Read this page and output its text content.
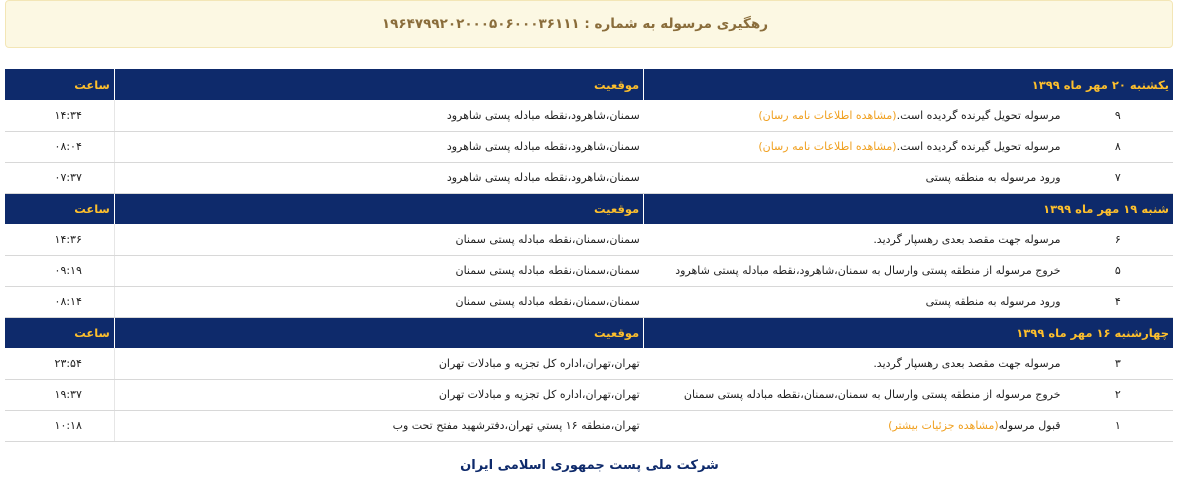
رهگیری مرسوله به شماره : ۱۹۶۴۷۹۹۲۰۲۰۰۰۵۰۶۰۰۰۳۶۱۱۱
یکشنبه ۲۰ مهر ماه ۱۳۹۹		موقعیت	ساعت
۹	مرسوله تحویل گیرنده گردیده است.(مشاهده اطلاعات نامه رسان)	سمنان،شاهرود،نقطه مبادله پستی شاهرود	۱۴:۳۴
۸	مرسوله تحویل گیرنده گردیده است.(مشاهده اطلاعات نامه رسان)	سمنان،شاهرود،نقطه مبادله پستی شاهرود	۰۸:۰۴
۷	ورود مرسوله به منطقه پستی	سمنان،شاهرود،نقطه مبادله پستی شاهرود	۰۷:۳۷
شنبه ۱۹ مهر ماه ۱۳۹۹		موقعیت	ساعت
۶	مرسوله جهت مقصد بعدی رهسپار گردید.	سمنان،سمنان،نقطه مبادله پستی سمنان	۱۴:۳۶
۵	خروج مرسوله از منطقه پستی وارسال به سمنان،شاهرود،نقطه مبادله پستی شاهرود	سمنان،سمنان،نقطه مبادله پستی سمنان	۰۹:۱۹
۴	ورود مرسوله به منطقه پستی	سمنان،سمنان،نقطه مبادله پستی سمنان	۰۸:۱۴
چهارشنبه ۱۶ مهر ماه ۱۳۹۹		موقعیت	ساعت
۳	مرسوله جهت مقصد بعدی رهسپار گردید.	تهران،تهران،اداره کل تجزیه و مبادلات تهران	۲۳:۵۴
۲	خروج مرسوله از منطقه پستی وارسال به سمنان،سمنان،نقطه مبادله پستی سمنان	تهران،تهران،اداره کل تجزیه و مبادلات تهران	۱۹:۳۷
۱	قبول مرسوله(مشاهده جزئیات بیشتر)	تهران،منطقه ۱۶ پستي تهران،دفترشهید مفتح تحت وب	۱۰:۱۸
شرکت ملی پست جمهوری اسلامی ایران
